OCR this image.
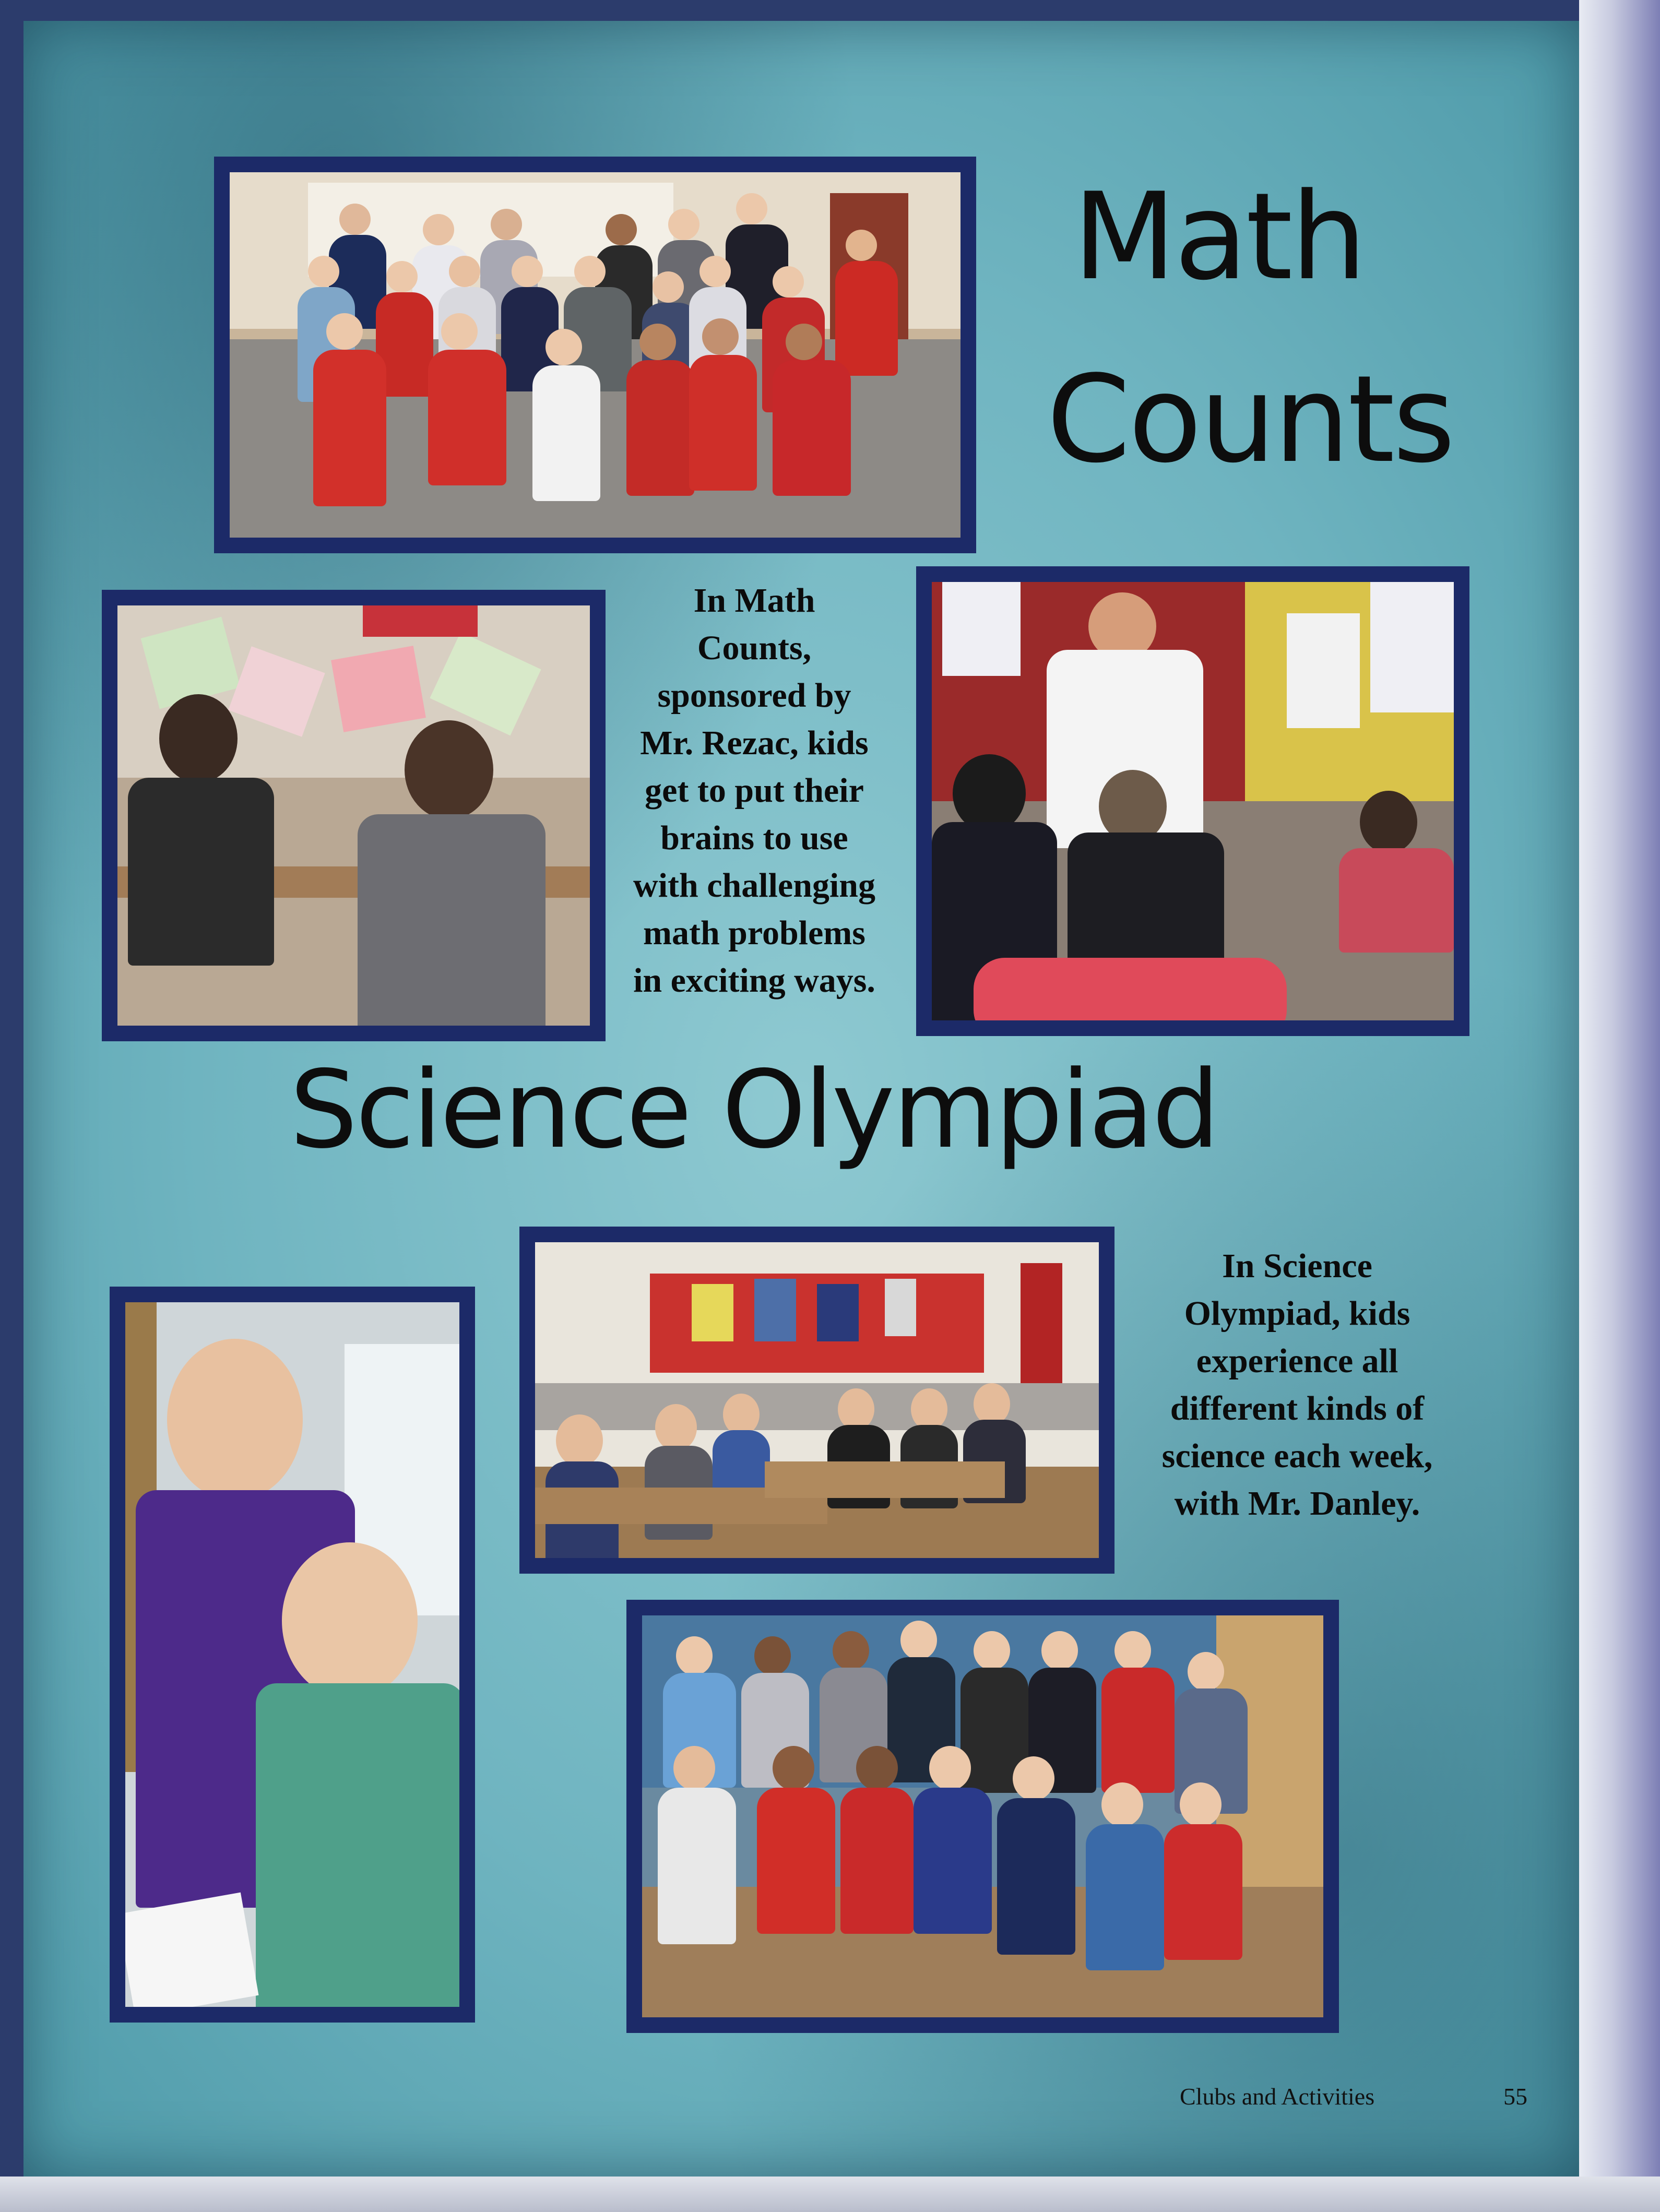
Math
Counts
In Math
Counts,
sponsored by
Mr. Rezac, kids
get to put their
brains to use
with challenging
math problems
in exciting ways.
Science Olympiad
In Science
Olympiad, kids
experience all
different kinds of
science each week,
with Mr. Danley.
Clubs and Activities	55
